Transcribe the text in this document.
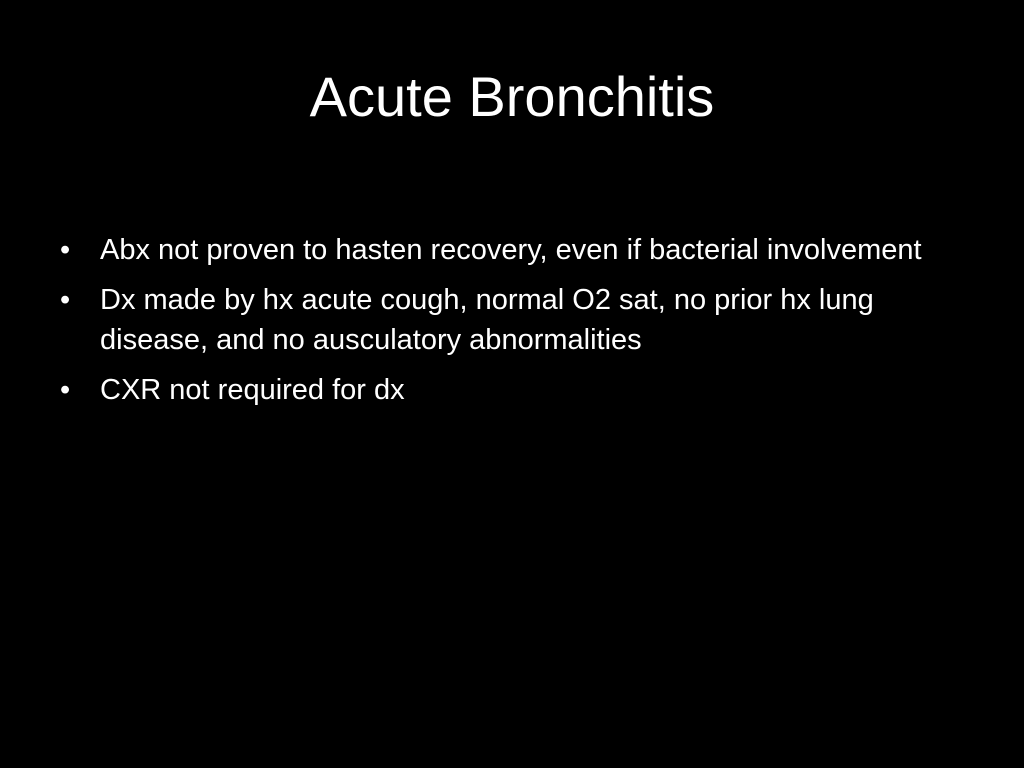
Acute Bronchitis
•	Abx not proven to hasten recovery, even if bacterial involvement
•	Dx made by hx acute cough, normal O2 sat, no prior hx lung disease, and no ausculatory abnormalities
•	CXR not required for dx
